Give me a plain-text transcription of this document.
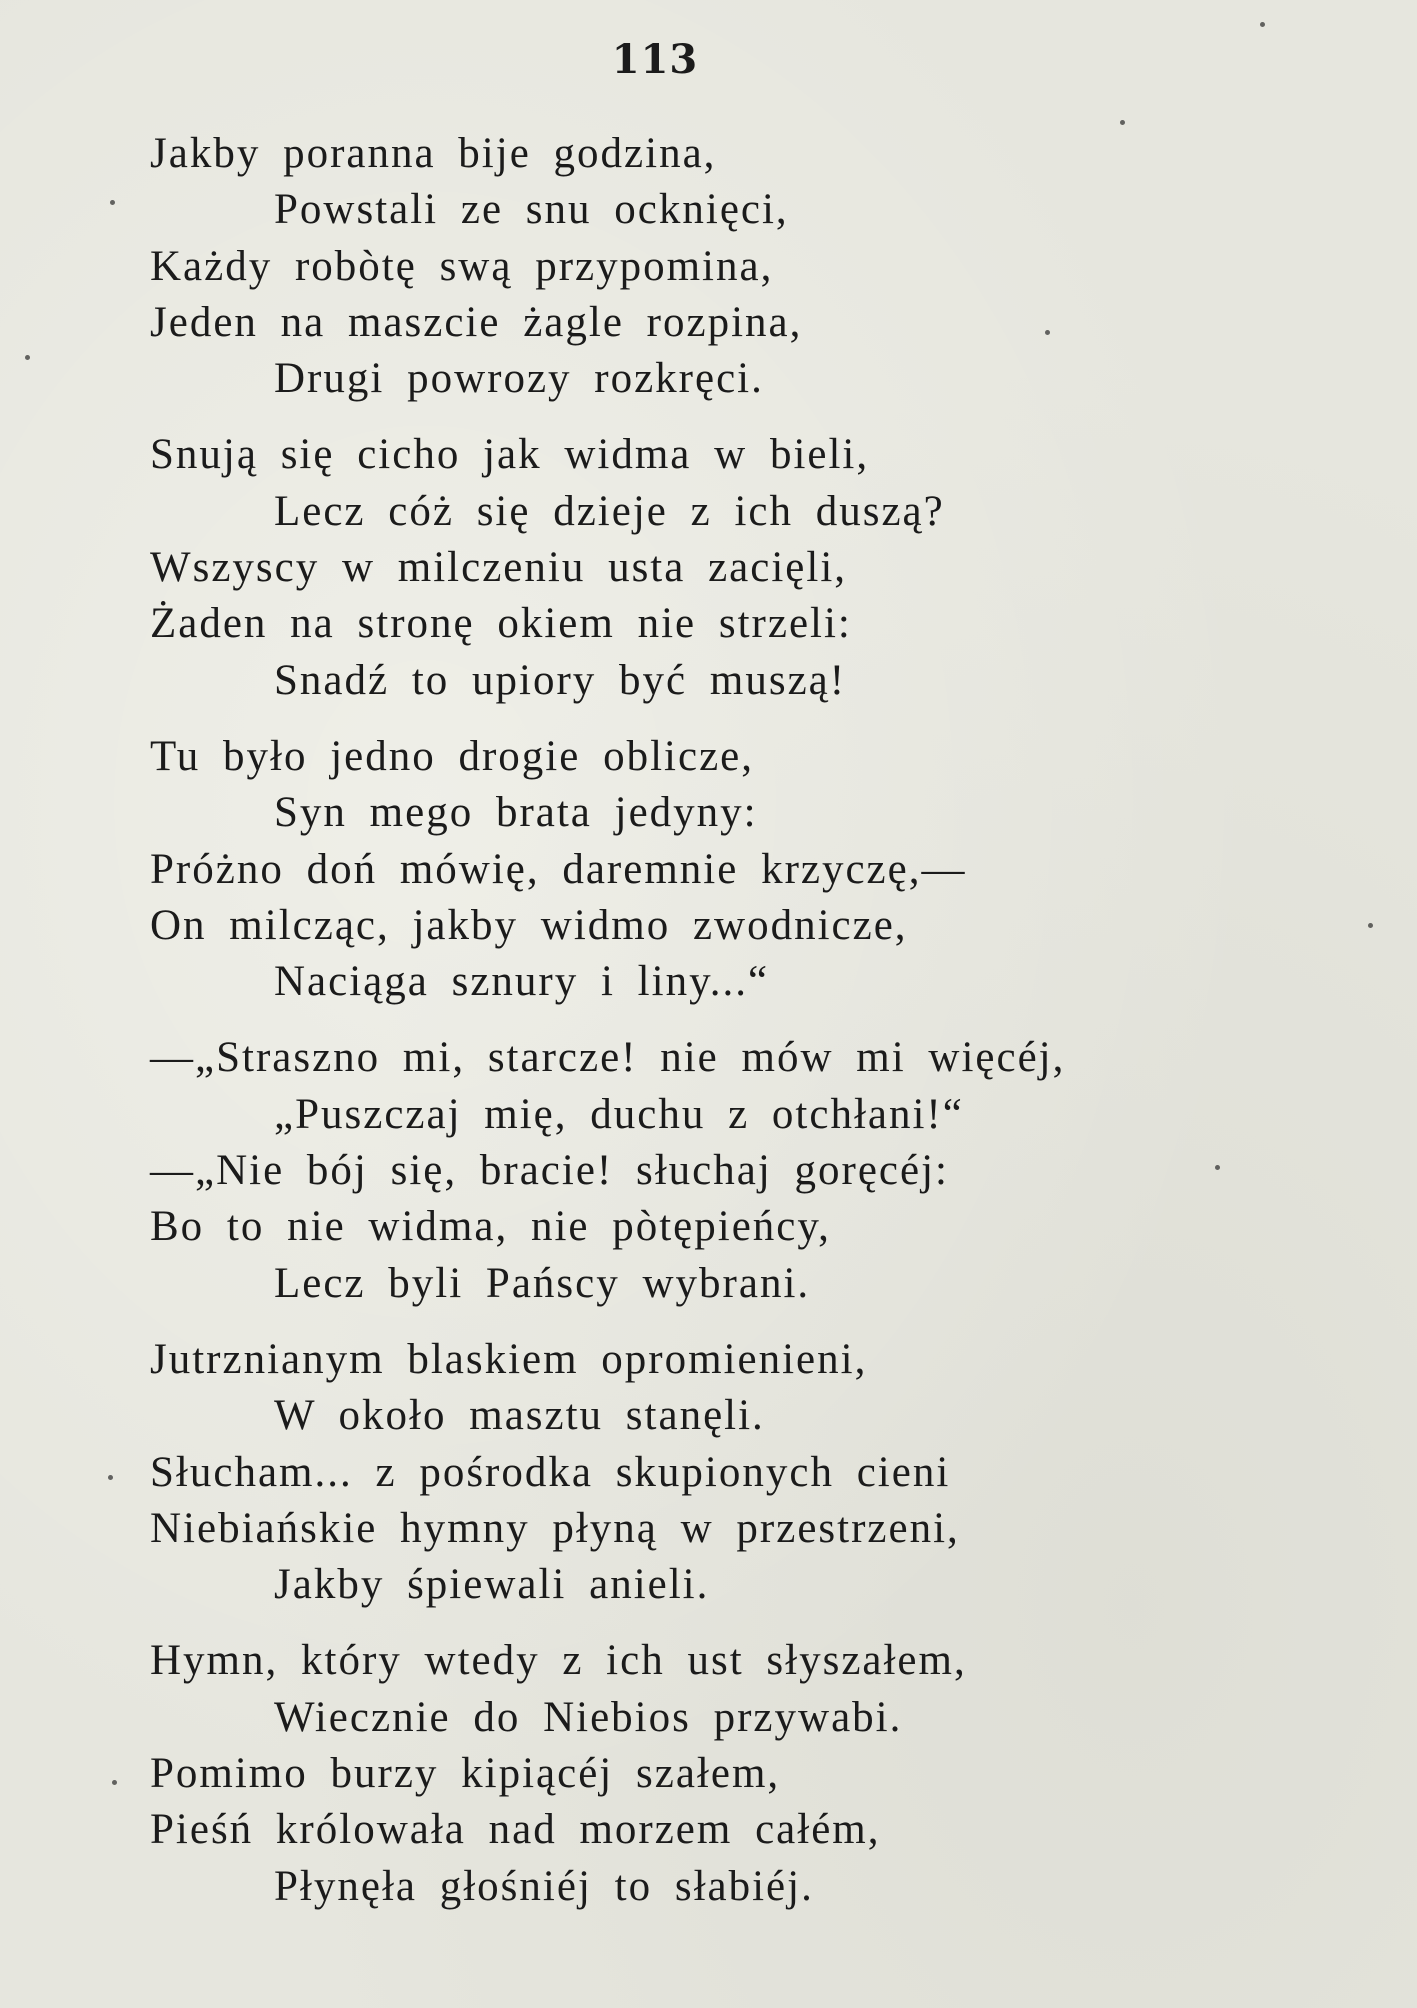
113
Jakby poranna bije godzina,
Powstali ze snu ocknięci,
Każdy robòtę swą przypomina,
Jeden na maszcie żagle rozpina,
Drugi powrozy rozkręci.
Snują się cicho jak widma w bieli,
Lecz cóż się dzieje z ich duszą?
Wszyscy w milczeniu usta zacięli,
Żaden na stronę okiem nie strzeli:
Snadź to upiory być muszą!
Tu było jedno drogie oblicze,
Syn mego brata jedyny:
Próżno doń mówię, daremnie krzyczę,—
On milcząc, jakby widmo zwodnicze,
Naciąga sznury i liny...“
—„Straszno mi, starcze! nie mów mi więcéj,
„Puszczaj mię, duchu z otchłani!“
—„Nie bój się, bracie! słuchaj goręcéj:
Bo to nie widma, nie pòtępieńcy,
Lecz byli Pańscy wybrani.
Jutrznianym blaskiem opromienieni,
W około masztu stanęli.
Słucham... z pośrodka skupionych cieni
Niebiańskie hymny płyną w przestrzeni,
Jakby śpiewali anieli.
Hymn, który wtedy z ich ust słyszałem,
Wiecznie do Niebios przywabi.
Pomimo burzy kipiącéj szałem,
Pieśń królowała nad morzem całém,
Płynęła głośniéj to słabiéj.
